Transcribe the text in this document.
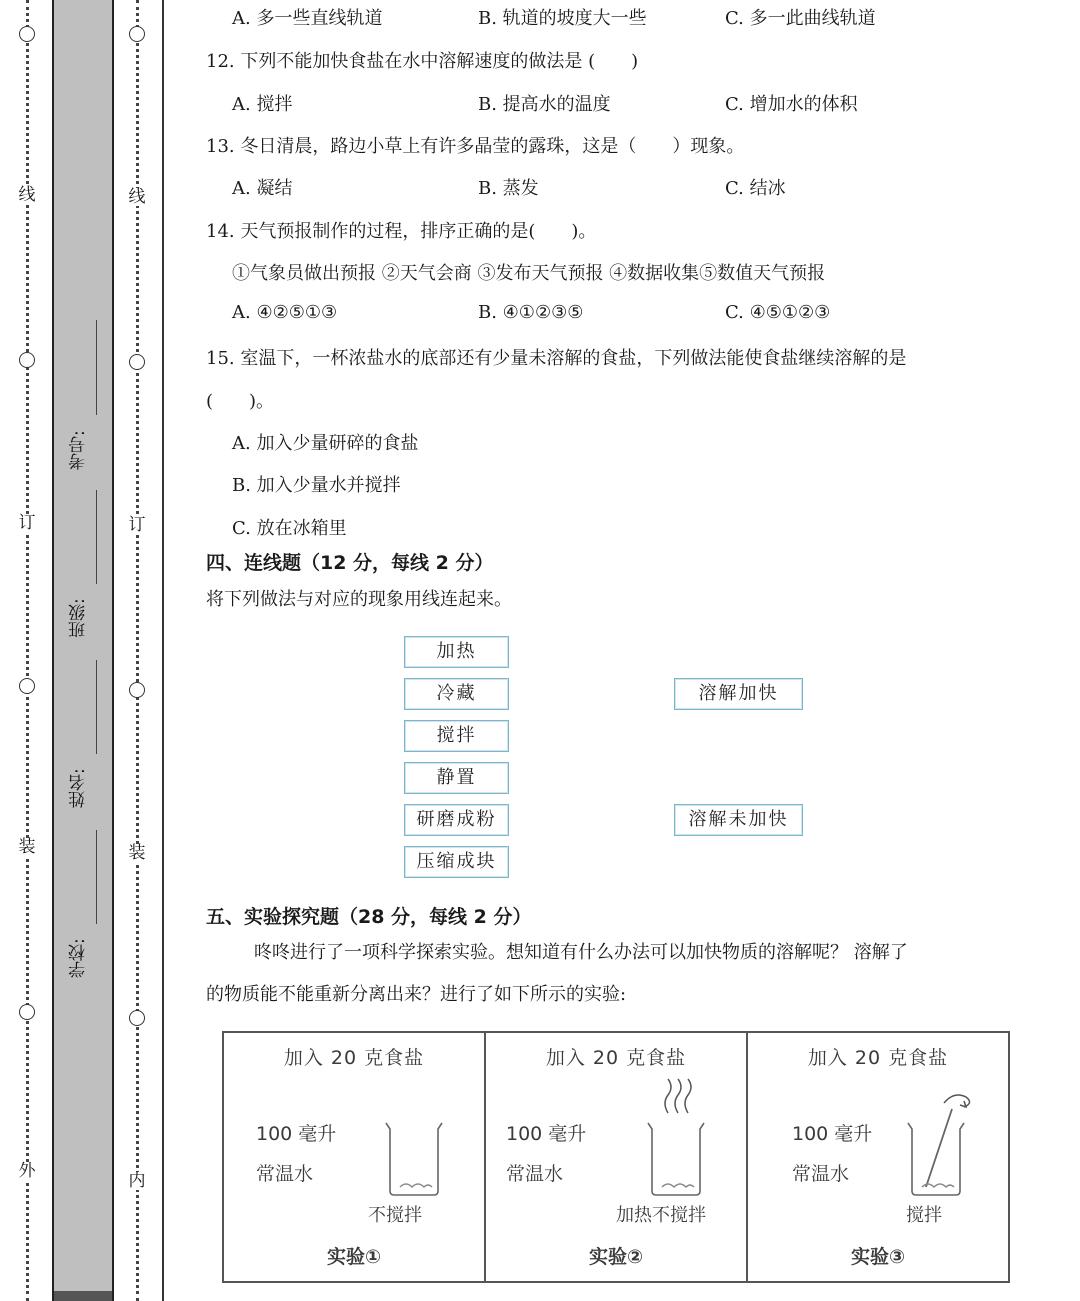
线
订
装
外
线
订
装
内
考号:
班级:
姓名:
学校:
A. 多一些直线轨道	B. 轨道的坡度大一些	C. 多一此曲线轨道
12. 下列不能加快食盐在水中溶解速度的做法是 (　　)
A. 搅拌	B. 提高水的温度	C. 增加水的体积
13. 冬日清晨，路边小草上有许多晶莹的露珠，这是（　　）现象。
A. 凝结	B. 蒸发	C. 结冰
14. 天气预报制作的过程，排序正确的是(　　)。
①气象员做出预报 ②天气会商 ③发布天气预报 ④数据收集⑤数值天气预报
A. ④②⑤①③	B. ④①②③⑤	C. ④⑤①②③
15. 室温下，一杯浓盐水的底部还有少量未溶解的食盐，下列做法能使食盐继续溶解的是
(　　)。
A. 加入少量研碎的食盐
B. 加入少量水并搅拌
C. 放在冰箱里
四、连线题（12 分，每线 2 分）
将下列做法与对应的现象用线连起来。
加热
冷藏
搅拌
静置
研磨成粉
压缩成块
溶解加快
溶解未加快
五、实验探究题（28 分，每线 2 分）
咚咚进行了一项科学探索实验。想知道有什么办法可以加快物质的溶解呢？ 溶解了
的物质能不能重新分离出来？进行了如下所示的实验:
加入 20 克食盐
100 毫升
常温水
不搅拌
实验①
加入 20 克食盐
100 毫升
常温水
加热不搅拌
实验②
加入 20 克食盐
100 毫升
常温水
搅拌
实验③
